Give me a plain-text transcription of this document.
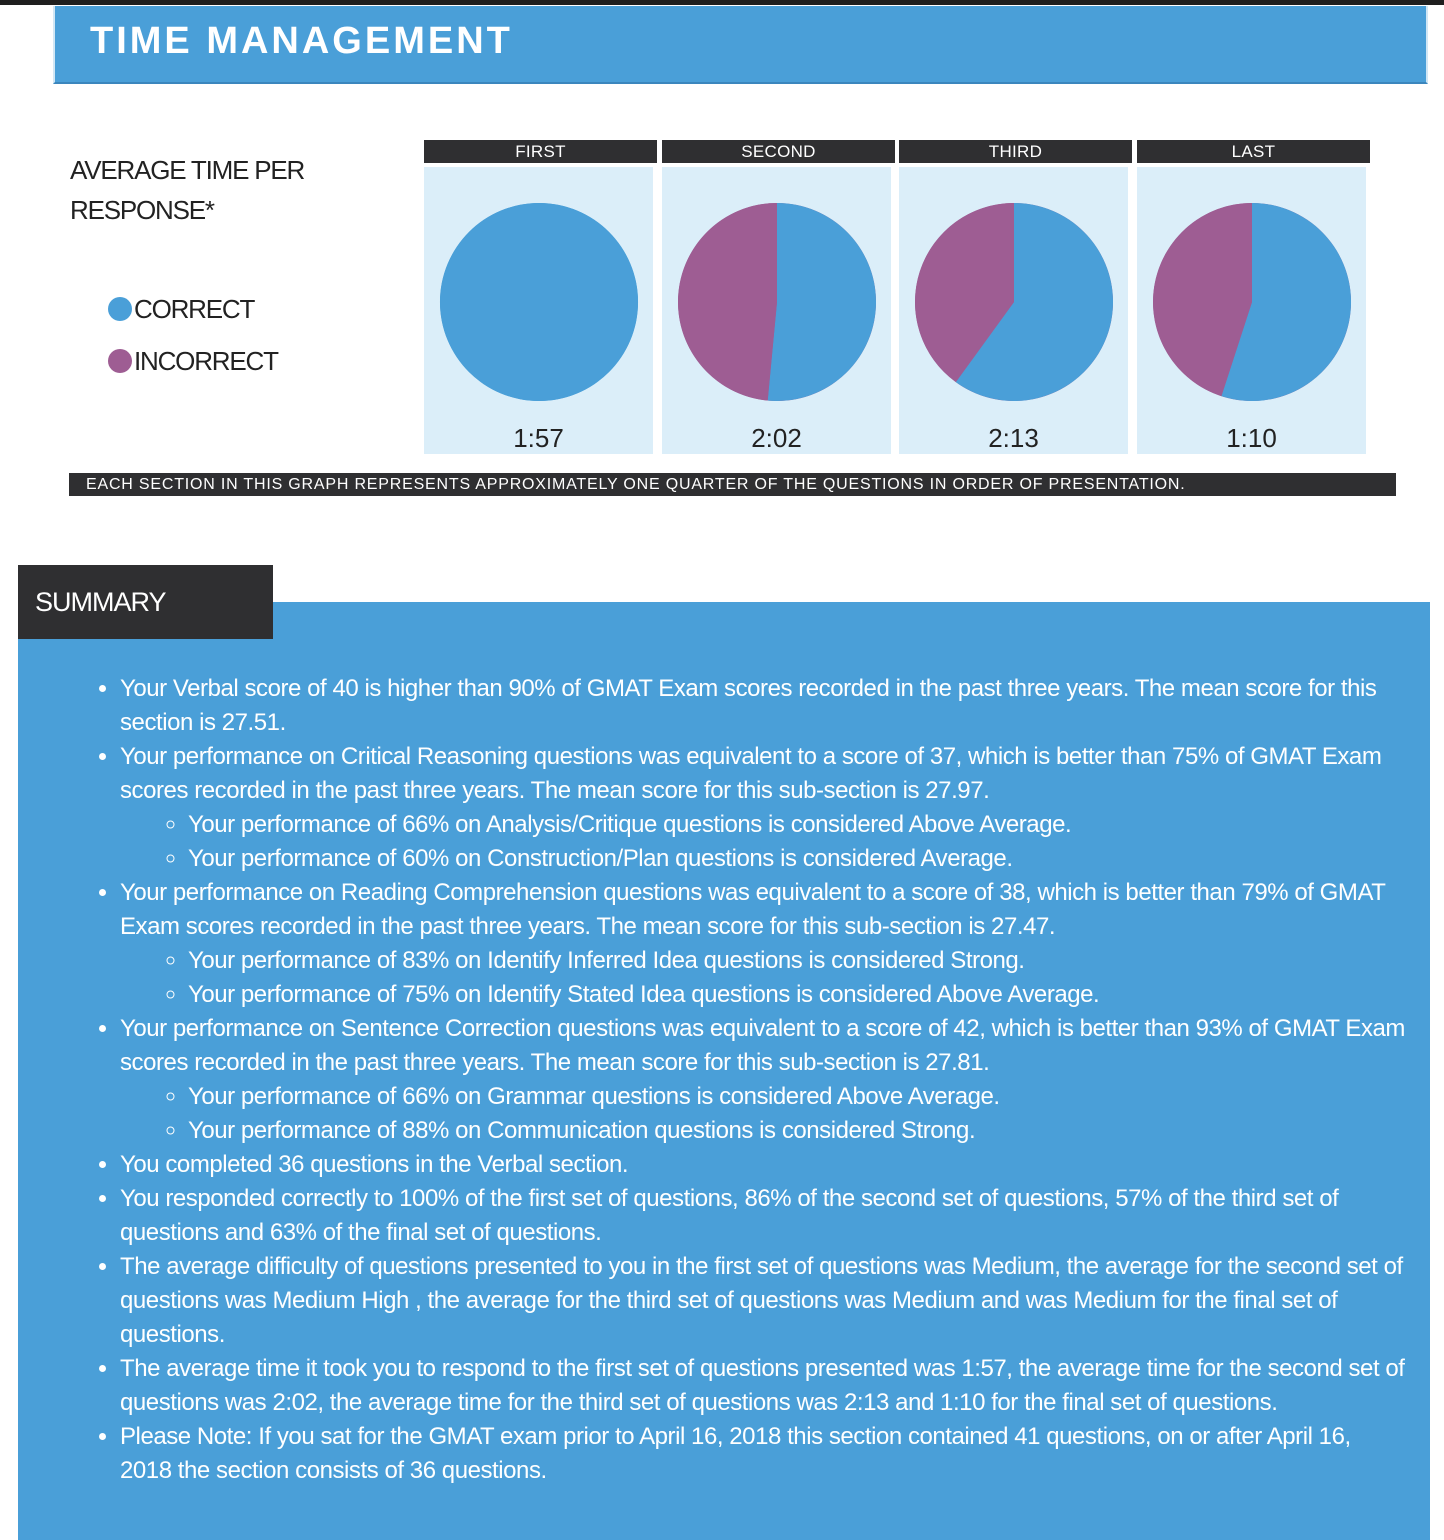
TIME MANAGEMENT
AVERAGE TIME PER RESPONSE*
CORRECT
INCORRECT
FIRST	SECOND	THIRD	LAST
1:57	2:02	2:13	1:10
EACH SECTION IN THIS GRAPH REPRESENTS APPROXIMATELY ONE QUARTER OF THE QUESTIONS IN ORDER OF PRESENTATION.
SUMMARY
• Your Verbal score of 40 is higher than 90% of GMAT Exam scores recorded in the past three years. The mean score for this section is 27.51.
• Your performance on Critical Reasoning questions was equivalent to a score of 37, which is better than 75% of GMAT Exam scores recorded in the past three years. The mean score for this sub-section is 27.97.
◦ Your performance of 66% on Analysis/Critique questions is considered Above Average.
◦ Your performance of 60% on Construction/Plan questions is considered Average.
• Your performance on Reading Comprehension questions was equivalent to a score of 38, which is better than 79% of GMAT Exam scores recorded in the past three years. The mean score for this sub-section is 27.47.
◦ Your performance of 83% on Identify Inferred Idea questions is considered Strong.
◦ Your performance of 75% on Identify Stated Idea questions is considered Above Average.
• Your performance on Sentence Correction questions was equivalent to a score of 42, which is better than 93% of GMAT Exam scores recorded in the past three years. The mean score for this sub-section is 27.81.
◦ Your performance of 66% on Grammar questions is considered Above Average.
◦ Your performance of 88% on Communication questions is considered Strong.
• You completed 36 questions in the Verbal section.
• You responded correctly to 100% of the first set of questions, 86% of the second set of questions, 57% of the third set of questions and 63% of the final set of questions.
• The average difficulty of questions presented to you in the first set of questions was Medium, the average for the second set of questions was Medium High , the average for the third set of questions was Medium and was Medium for the final set of questions.
• The average time it took you to respond to the first set of questions presented was 1:57, the average time for the second set of questions was 2:02, the average time for the third set of questions was 2:13 and 1:10 for the final set of questions.
• Please Note: If you sat for the GMAT exam prior to April 16, 2018 this section contained 41 questions, on or after April 16, 2018 the section consists of 36 questions.
